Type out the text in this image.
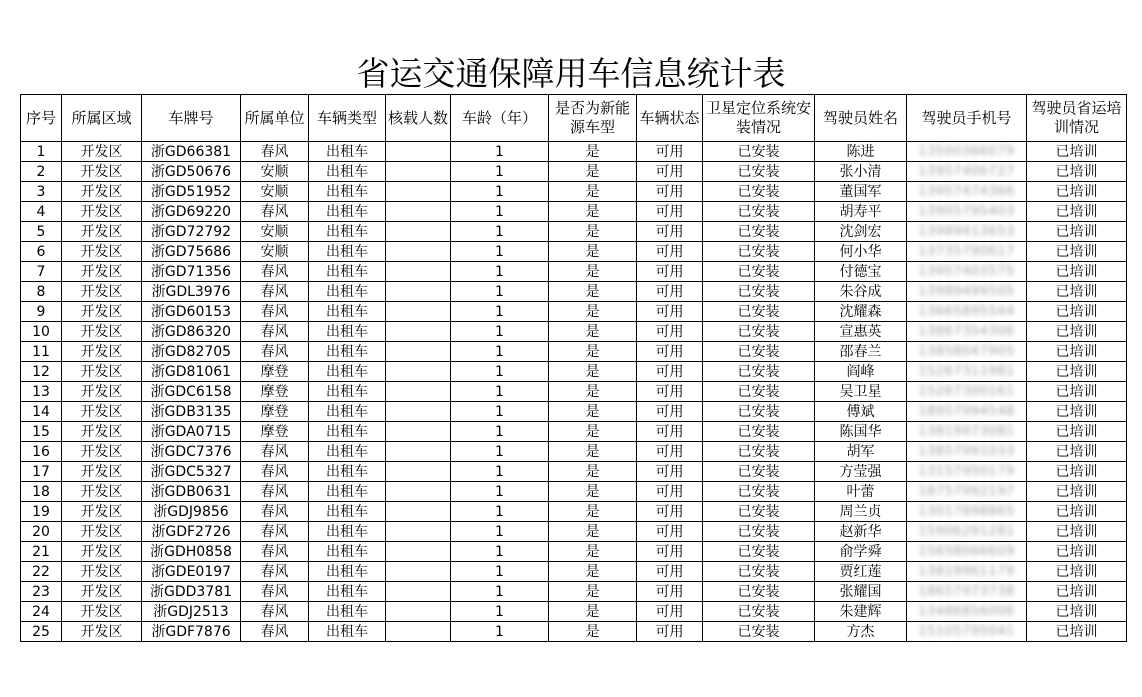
省运交通保障用车信息统计表
序号	所属区域	车牌号	所属单位	车辆类型	核载人数	车龄（年）	是否为新能源车型	车辆状态	卫星定位系统安装情况	驾驶员姓名	驾驶员手机号	驾驶员省运培训情况
1	开发区	浙GD66381	春风	出租车		1	是	可用	已安装	陈进	13500366079	已培训
2	开发区	浙GD50676	安顺	出租车		1	是	可用	已安装	张小清	13957406727	已培训
3	开发区	浙GD51952	安顺	出租车		1	是	可用	已安装	董国军	13957474366	已培训
4	开发区	浙GD69220	春风	出租车		1	是	可用	已安装	胡寿平	13905795403	已培训
5	开发区	浙GD72792	安顺	出租车		1	是	可用	已安装	沈剑宏	13989413653	已培训
6	开发区	浙GD75686	安顺	出租车		1	是	可用	已安装	何小华	13735790617	已培训
7	开发区	浙GD71356	春风	出租车		1	是	可用	已安装	付德宝	13957403575	已培训
8	开发区	浙GDL3976	春风	出租车		1	是	可用	已安装	朱谷成	13989499505	已培训
9	开发区	浙GD60153	春风	出租车		1	是	可用	已安装	沈耀森	13665895544	已培训
10	开发区	浙GD86320	春风	出租车		1	是	可用	已安装	宣惠英	13867354306	已培训
11	开发区	浙GD82705	春风	出租车		1	是	可用	已安装	邵春兰	13858047905	已培训
12	开发区	浙GD81061	摩登	出租车		1	是	可用	已安装	阎峰	15267311981	已培训
13	开发区	浙GDC6158	摩登	出租车		1	是	可用	已安装	吴卫星	15267300161	已培训
14	开发区	浙GDB3135	摩登	出租车		1	是	可用	已安装	傅斌	18957994548	已培训
15	开发区	浙GDA0715	摩登	出租车		1	是	可用	已安装	陈国华	13819973081	已培训
16	开发区	浙GDC7376	春风	出租车		1	是	可用	已安装	胡军	13857991033	已培训
17	开发区	浙GDC5327	春风	出租车		1	是	可用	已安装	方莹强	13157950179	已培训
18	开发区	浙GDB0631	春风	出租车		1	是	可用	已安装	叶蕾	18757992197	已培训
19	开发区	浙GDJ9856	春风	出租车		1	是	可用	已安装	周兰贞	13017898865	已培训
20	开发区	浙GDF2726	春风	出租车		1	是	可用	已安装	赵新华	15906291281	已培训
21	开发区	浙GDH0858	春风	出租车		1	是	可用	已安装	俞学舜	15658066609	已培训
22	开发区	浙GDE0197	春风	出租车		1	是	可用	已安装	贾红莲	13819961179	已培训
23	开发区	浙GDD3781	春风	出租车		1	是	可用	已安装	张耀国	18657973738	已培训
24	开发区	浙GDJ2513	春风	出租车		1	是	可用	已安装	朱建辉	13486856006	已培训
25	开发区	浙GDF7876	春风	出租车		1	是	可用	已安装	方杰	15105795041	已培训
